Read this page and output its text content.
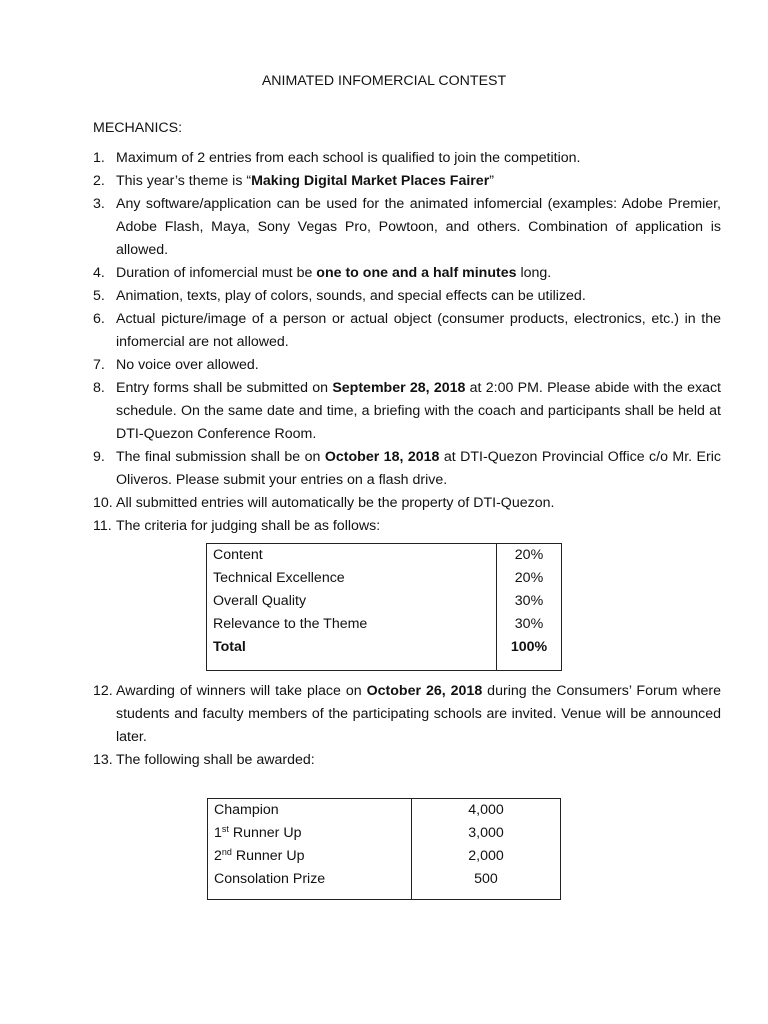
ANIMATED INFOMERCIAL CONTEST
MECHANICS:
1. Maximum of 2 entries from each school is qualified to join the competition.
2. This year’s theme is “Making Digital Market Places Fairer”
3. Any software/application can be used for the animated infomercial (examples: Adobe Premier, Adobe Flash, Maya, Sony Vegas Pro, Powtoon, and others. Combination of application is allowed.
4. Duration of infomercial must be one to one and a half minutes long.
5. Animation, texts, play of colors, sounds, and special effects can be utilized.
6. Actual picture/image of a person or actual object (consumer products, electronics, etc.) in the infomercial are not allowed.
7. No voice over allowed.
8. Entry forms shall be submitted on September 28, 2018 at 2:00 PM. Please abide with the exact schedule. On the same date and time, a briefing with the coach and participants shall be held at DTI-Quezon Conference Room.
9. The final submission shall be on October 18, 2018 at DTI-Quezon Provincial Office c/o Mr. Eric Oliveros. Please submit your entries on a flash drive.
10. All submitted entries will automatically be the property of DTI-Quezon.
11. The criteria for judging shall be as follows:
Content	20%
Technical Excellence	20%
Overall Quality	30%
Relevance to the Theme	30%
Total	100%
12. Awarding of winners will take place on October 26, 2018 during the Consumers’ Forum where students and faculty members of the participating schools are invited. Venue will be announced later.
13. The following shall be awarded:
Champion	4,000
1st Runner Up	3,000
2nd Runner Up	2,000
Consolation Prize	500
